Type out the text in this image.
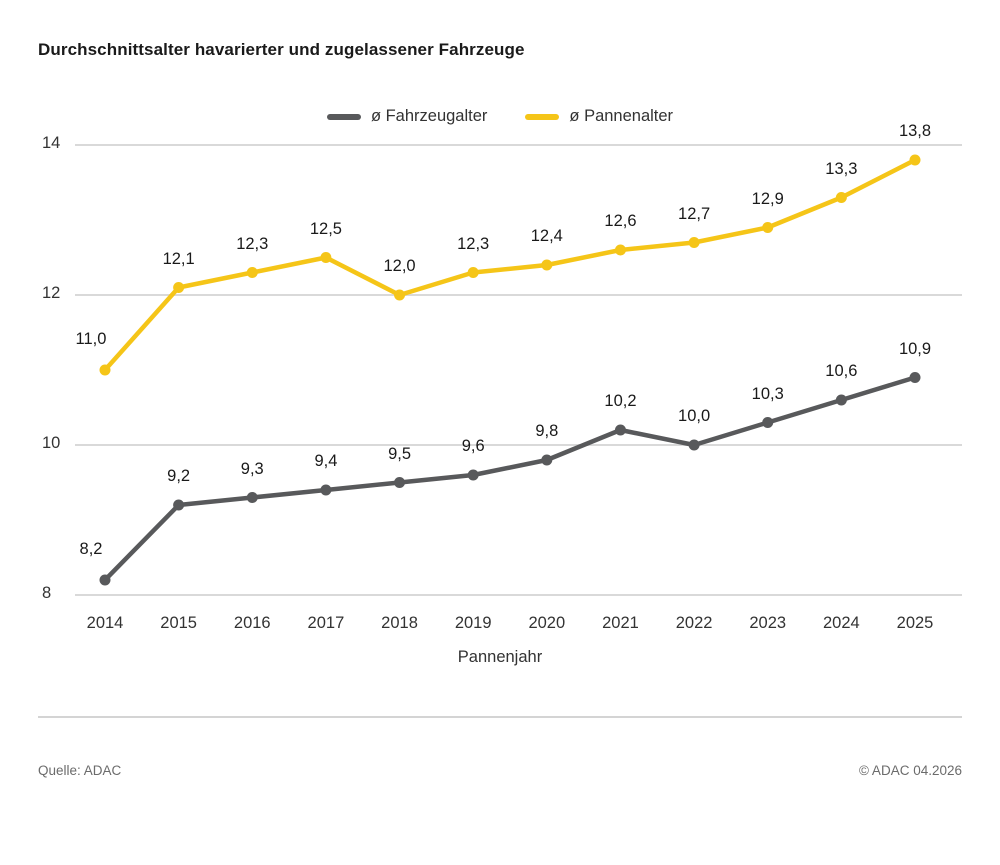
Durchschnittsalter havarierter und zugelassener Fahrzeuge
ø Fahrzeugalter	ø Pannenalter
8
10
12
14
2014	2015	2016	2017	2018	2019	2020	2021	2022	2023	2024	2025
8,2
9,2	9,3	9,4	9,5	9,6
9,8
10,2
10,0
10,3
10,6
10,9
11,0
12,1
12,3
12,5
12,0
12,3	12,4
12,6	12,7
12,9
13,3
13,8
Pannenjahr
Quelle: ADAC	© ADAC 04.2026
